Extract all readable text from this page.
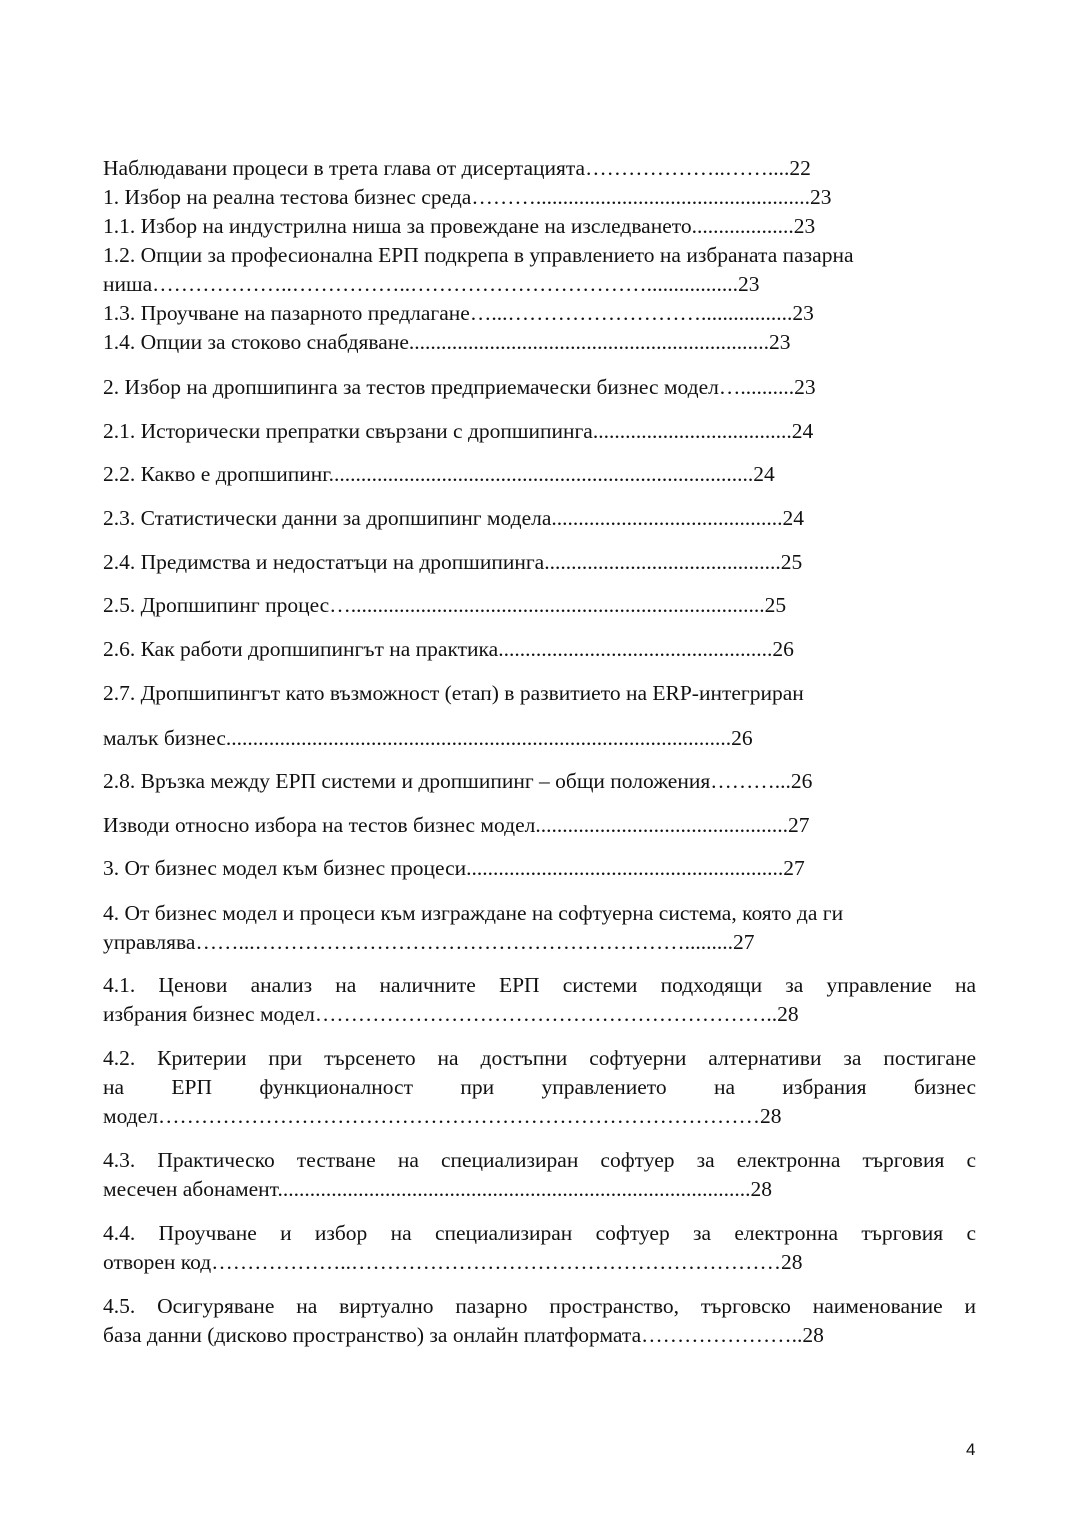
Наблюдавани процеси в трета глава от дисертацията………………..……....22
1. Избор на реална тестова бизнес среда………...................................................23
1.1. Избор на индустрилна ниша за провеждане на изследването...................23
1.2. Опции за професионална ЕРП подкрепа в управлението на избраната пазарна
ниша………………..……………..…………………………….................23
1.3. Проучване на пазарното предлагане…...……………………….................23
1.4. Опции за стоково снабдяване...................................................................23
2. Избор на дропшипинга за тестов предприемачески бизнес модел…..........23
2.1. Исторически препратки свързани с дропшипинга.....................................24
2.2. Какво е дропшипинг...............................................................................24
2.3. Статистически данни за дропшипинг модела...........................................24
2.4. Предимства и недостатъци на дропшипинга............................................25
2.5. Дропшипинг процес….............................................................................25
2.6. Как работи дропшипингът на практика...................................................26
2.7. Дропшипингът като възможност (етап) в развитието на ERP-интегриран
малък бизнес..............................................................................................26
2.8. Връзка между ЕРП системи и дропшипинг – общи положения………...26
Изводи относно избора на тестов бизнес модел...............................................27
3. От бизнес модел към бизнес процеси...........................................................27
4. От бизнес модел и процеси към изграждане на софтуерна система, която да ги
управлява……...…………………………………………………….........27
4.1. Ценови анализ на наличните ЕРП системи подходящи за управление на
избрания бизнес модел………………………………………………………..28
4.2. Критерии при търсенето на достъпни софтуерни алтернативи за постигане
на ЕРП функционалност при управлението на избрания бизнес
модел…………………………………………………………………………28
4.3. Практическо тестване на специализиран софтуер за електронна търговия с
месечен абонамент........................................................................................28
4.4. Проучване и избор на специализиран софтуер за електронна търговия с
отворен код………………..……………………………………………………28
4.5. Осигуряване на виртуално пазарно пространство, търговско наименование и
база данни (дисково пространство) за онлайн платформата…………………..28
4
